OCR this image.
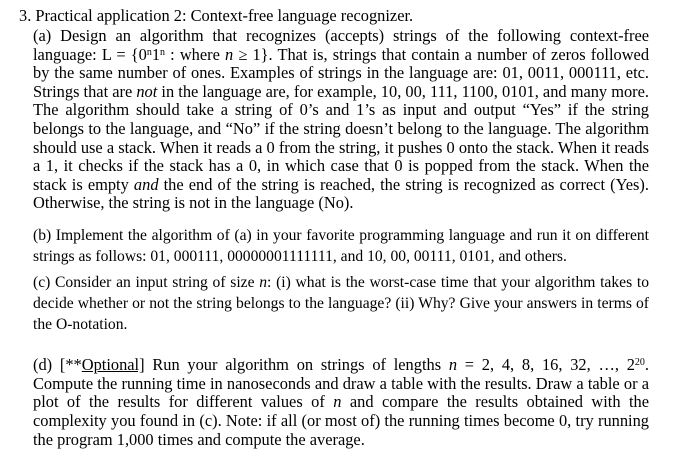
3. Practical application 2: Context-free language recognizer.
(a) Design an algorithm that recognizes (accepts) strings of the following context-free language: $L = \{0^n1^n$ : where n ≥ 1}. That is, strings that contain a number of zeros followed by the same number of ones. Examples of strings in the language are: 01, 0011, 000111, etc. Strings that are not in the language are, for example, 10, 00, 111, 1100, 0101, and many more. The algorithm should take a string of 0’s and 1’s as input and output “Yes” if the string belongs to the language, and “No” if the string doesn’t belong to the language. The algorithm should use a stack. When it reads a 0 from the string, it pushes 0 onto the stack. When it reads a 1, it checks if the stack has a 0, in which case that 0 is popped from the stack. When the stack is empty and the end of the string is reached, the string is recognized as correct (Yes). Otherwise, the string is not in the language (No).
(b) Implement the algorithm of (a) in your favorite programming language and run it on different strings as follows: 01, 000111, 00000001111111, and 10, 00, 00111, 0101, and others.
(c) Consider an input string of size n: (i) what is the worst-case time that your algorithm takes to decide whether or not the string belongs to the language? (ii) Why? Give your answers in terms of the O-notation.
(d) [**Optional] Run your algorithm on strings of lengths n = 2, 4, 8, 16, 32, …, $2^{20}$. Compute the running time in nanoseconds and draw a table with the results. Draw a table or a plot of the results for different values of n and compare the results obtained with the complexity you found in (c). Note: if all (or most of) the running times become 0, try running the program 1,000 times and compute the average.
